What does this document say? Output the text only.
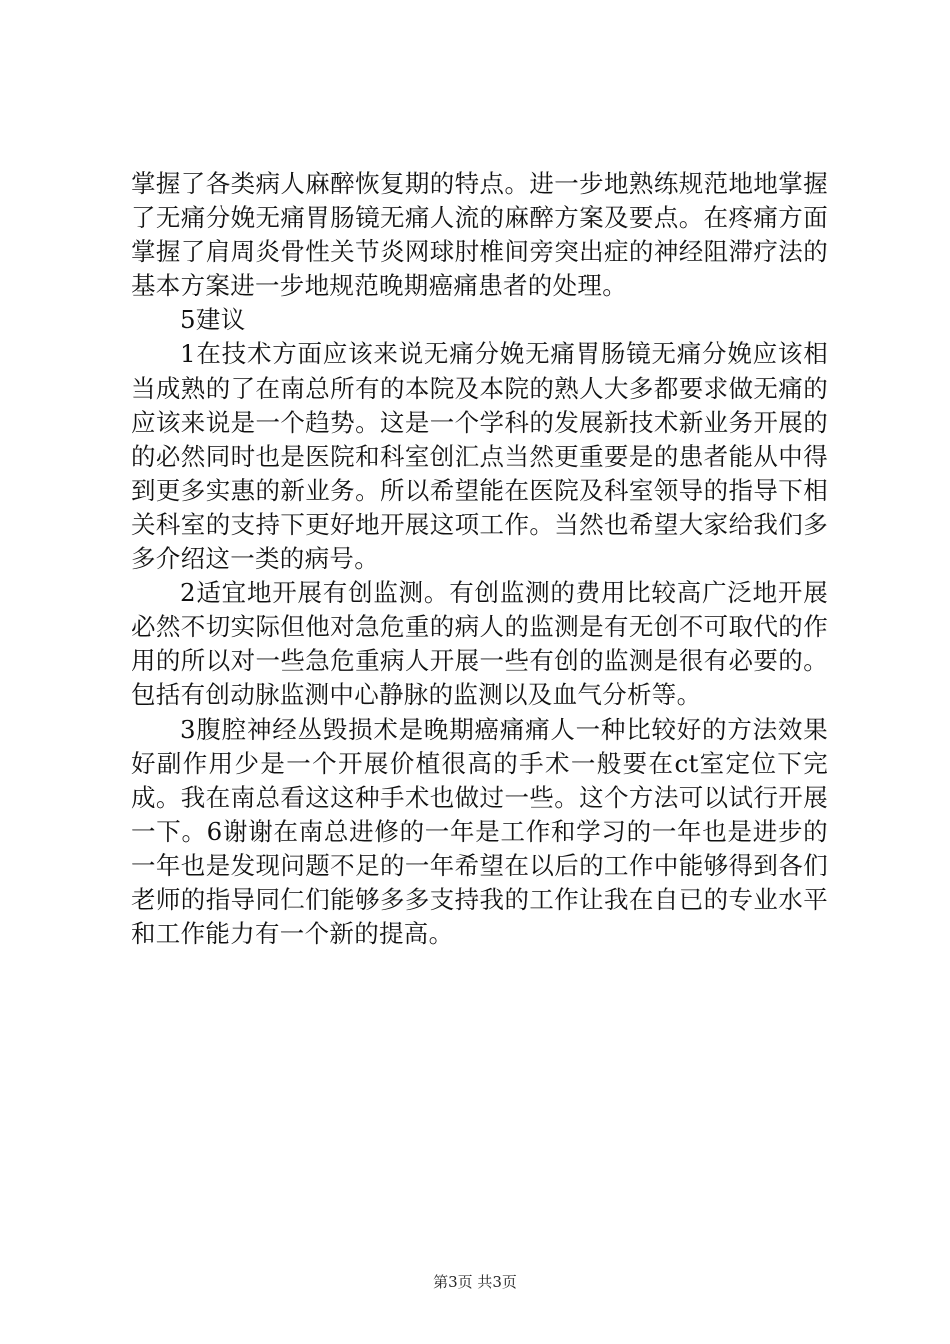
掌握了各类病人麻醉恢复期的特点。进一步地熟练规范地地掌握了无痛分娩无痛胃肠镜无痛人流的麻醉方案及要点。在疼痛方面掌握了肩周炎骨性关节炎网球肘椎间旁突出症的神经阻滞疗法的基本方案进一步地规范晚期癌痛患者的处理。

5建议

1在技术方面应该来说无痛分娩无痛胃肠镜无痛分娩应该相当成熟的了在南总所有的本院及本院的熟人大多都要求做无痛的应该来说是一个趋势。这是一个学科的发展新技术新业务开展的的必然同时也是医院和科室创汇点当然更重要是的患者能从中得到更多实惠的新业务。所以希望能在医院及科室领导的指导下相关科室的支持下更好地开展这项工作。当然也希望大家给我们多多介绍这一类的病号。

2适宜地开展有创监测。有创监测的费用比较高广泛地开展必然不切实际但他对急危重的病人的监测是有无创不可取代的作用的所以对一些急危重病人开展一些有创的监测是很有必要的。包括有创动脉监测中心静脉的监测以及血气分析等。

3腹腔神经丛毁损术是晚期癌痛痛人一种比较好的方法效果好副作用少是一个开展价植很高的手术一般要在ct室定位下完成。我在南总看这这种手术也做过一些。这个方法可以试行开展一下。6谢谢在南总进修的一年是工作和学习的一年也是进步的一年也是发现问题不足的一年希望在以后的工作中能够得到各们老师的指导同仁们能够多多支持我的工作让我在自已的专业水平和工作能力有一个新的提高。

第3页 共3页
